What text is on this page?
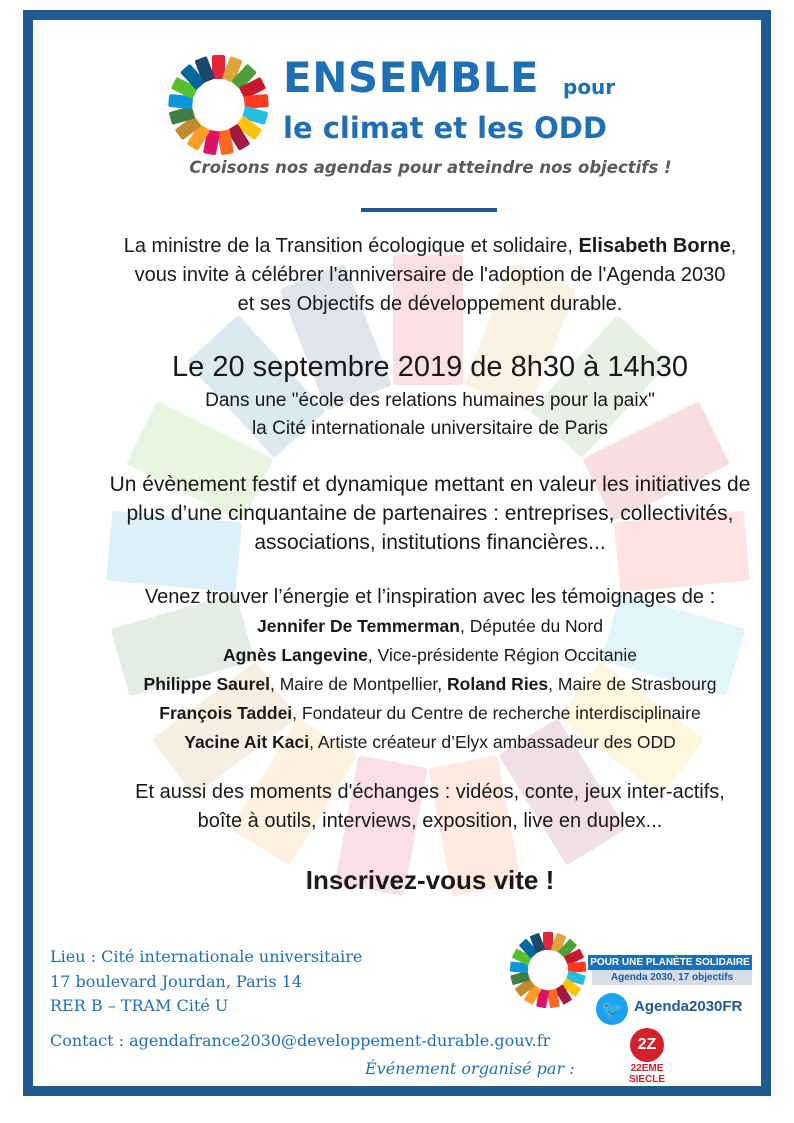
ENSEMBLE pour
le climat et les ODD
Croisons nos agendas pour atteindre nos objectifs !
La ministre de la Transition écologique et solidaire, Elisabeth Borne,
vous invite à célébrer l'anniversaire de l'adoption de l'Agenda 2030
et ses Objectifs de développement durable.
Le 20 septembre 2019 de 8h30 à 14h30
Dans une "école des relations humaines pour la paix"
la Cité internationale universitaire de Paris
Un évènement festif et dynamique mettant en valeur les initiatives de
plus d’une cinquantaine de partenaires : entreprises, collectivités,
associations, institutions financières...
Venez trouver l’énergie et l’inspiration avec les témoignages de :
Jennifer De Temmerman, Députée du Nord
Agnès Langevine, Vice-présidente Région Occitanie
Philippe Saurel, Maire de Montpellier, Roland Ries, Maire de Strasbourg
François Taddei, Fondateur du Centre de recherche interdisciplinaire
Yacine Ait Kaci, Artiste créateur d’Elyx ambassadeur des ODD
Et aussi des moments d'échanges : vidéos, conte, jeux inter-actifs,
boîte à outils, interviews, exposition, live en duplex...
Inscrivez-vous vite !
Lieu : Cité internationale universitaire
17 boulevard Jourdan, Paris 14
RER B – TRAM Cité U
Contact : agendafrance2030@developpement-durable.gouv.fr
Événement organisé par :
POUR UNE PLANÈTE SOLIDAIRE
Agenda 2030, 17 objectifs
🐦 Agenda2030FR
2Z
22EME
SIECLE
